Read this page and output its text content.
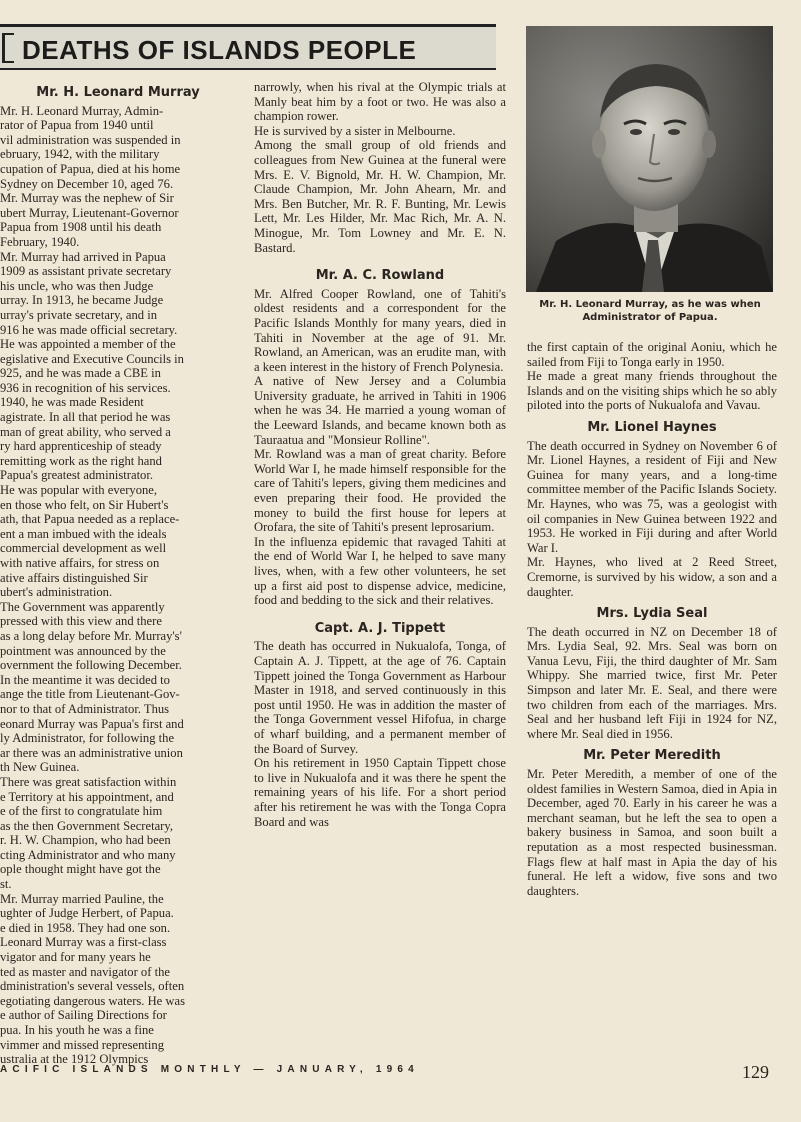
DEATHS OF ISLANDS PEOPLE
Mr. H. Leonard Murray
Mr. H. Leonard Murray, Admin-
rator of Papua from 1940 until
vil administration was suspended in
ebruary, 1942, with the military
cupation of Papua, died at his home
Sydney on December 10, aged 76.
Mr. Murray was the nephew of Sir
ubert Murray, Lieutenant-Governor
Papua from 1908 until his death
February, 1940.
Mr. Murray had arrived in Papua
1909 as assistant private secretary
his uncle, who was then Judge
urray. In 1913, he became Judge
urray's private secretary, and in
916 he was made official secretary.
He was appointed a member of the
egislative and Executive Councils in
925, and he was made a CBE in
936 in recognition of his services.
1940, he was made Resident
agistrate. In all that period he was
man of great ability, who served a
ry hard apprenticeship of steady
remitting work as the right hand
Papua's greatest administrator.
He was popular with everyone,
en those who felt, on Sir Hubert's
ath, that Papua needed as a replace-
ent a man imbued with the ideals
commercial development as well
with native affairs, for stress on
ative affairs distinguished Sir
ubert's administration.
The Government was apparently
pressed with this view and there
as a long delay before Mr. Murray's'
pointment was announced by the
overnment the following December.
In the meantime it was decided to
ange the title from Lieutenant-Gov-
nor to that of Administrator. Thus
eonard Murray was Papua's first and
ly Administrator, for following the
ar there was an administrative union
th New Guinea.
There was great satisfaction within
e Territory at his appointment, and
e of the first to congratulate him
as the then Government Secretary,
r. H. W. Champion, who had been
cting Administrator and who many
ople thought might have got the
st.
Mr. Murray married Pauline, the
ughter of Judge Herbert, of Papua.
e died in 1958. They had one son.
Leonard Murray was a first-class
vigator and for many years he
ted as master and navigator of the
dministration's several vessels, often
egotiating dangerous waters. He was
e author of Sailing Directions for
pua. In his youth he was a fine
vimmer and missed representing
ustralia at the 1912 Olympics

narrowly, when his rival at the Olympic trials at Manly beat him by a foot or two. He was also a champion rower.

He is survived by a sister in Melbourne.

Among the small group of old friends and colleagues from New Guinea at the funeral were Mrs. E. V. Bignold, Mr. H. W. Champion, Mr. Claude Champion, Mr. John Ahearn, Mr. and Mrs. Ben Butcher, Mr. R. F. Bunting, Mr. Lewis Lett, Mr. Les Hilder, Mr. Mac Rich, Mr. A. N. Minogue, Mr. Tom Lowney and Mr. E. N. Bastard.

Mr. A. C. Rowland

Mr. Alfred Cooper Rowland, one of Tahiti's oldest residents and a correspondent for the Pacific Islands Monthly for many years, died in Tahiti in November at the age of 91. Mr. Rowland, an American, was an erudite man, with a keen interest in the history of French Polynesia.

A native of New Jersey and a Columbia University graduate, he arrived in Tahiti in 1906 when he was 34. He married a young woman of the Leeward Islands, and became known both as Tauraatua and "Monsieur Rolline".

Mr. Rowland was a man of great charity. Before World War I, he made himself responsible for the care of Tahiti's lepers, giving them medicines and even preparing their food. He provided the money to build the first house for lepers at Orofara, the site of Tahiti's present leprosarium.

In the influenza epidemic that ravaged Tahiti at the end of World War I, he helped to save many lives, when, with a few other volunteers, he set up a first aid post to dispense advice, medicine, food and bedding to the sick and their relatives.

Capt. A. J. Tippett

The death has occurred in Nukualofa, Tonga, of Captain A. J. Tippett, at the age of 76. Captain Tippett joined the Tonga Government as Harbour Master in 1918, and served continuously in this post until 1950. He was in addition the master of the Tonga Government vessel Hifofua, in charge of wharf building, and a permanent member of the Board of Survey.

On his retirement in 1950 Captain Tippett chose to live in Nukualofa and it was there he spent the remaining years of his life. For a short period after his retirement he was with the Tonga Copra Board and was

Mr. H. Leonard Murray, as he was when Administrator of Papua.

the first captain of the original Aoniu, which he sailed from Fiji to Tonga early in 1950.

He made a great many friends throughout the Islands and on the visiting ships which he so ably piloted into the ports of Nukualofa and Vavau.

Mr. Lionel Haynes

The death occurred in Sydney on November 6 of Mr. Lionel Haynes, a resident of Fiji and New Guinea for many years, and a long-time committee member of the Pacific Islands Society.

Mr. Haynes, who was 75, was a geologist with oil companies in New Guinea between 1922 and 1953. He worked in Fiji during and after World War I.

Mr. Haynes, who lived at 2 Reed Street, Cremorne, is survived by his widow, a son and a daughter.

Mrs. Lydia Seal

The death occurred in NZ on December 18 of Mrs. Lydia Seal, 92. Mrs. Seal was born on Vanua Levu, Fiji, the third daughter of Mr. Sam Whippy. She married twice, first Mr. Peter Simpson and later Mr. E. Seal, and there were two children from each of the marriages. Mrs. Seal and her husband left Fiji in 1924 for NZ, where Mr. Seal died in 1956.

Mr. Peter Meredith

Mr. Peter Meredith, a member of one of the oldest families in Western Samoa, died in Apia in December, aged 70. Early in his career he was a merchant seaman, but he left the sea to open a bakery business in Samoa, and soon built a reputation as a most respected businessman. Flags flew at half mast in Apia the day of his funeral. He left a widow, five sons and two daughters.

ACIFIC ISLANDS MONTHLY — JANUARY, 1964	129
